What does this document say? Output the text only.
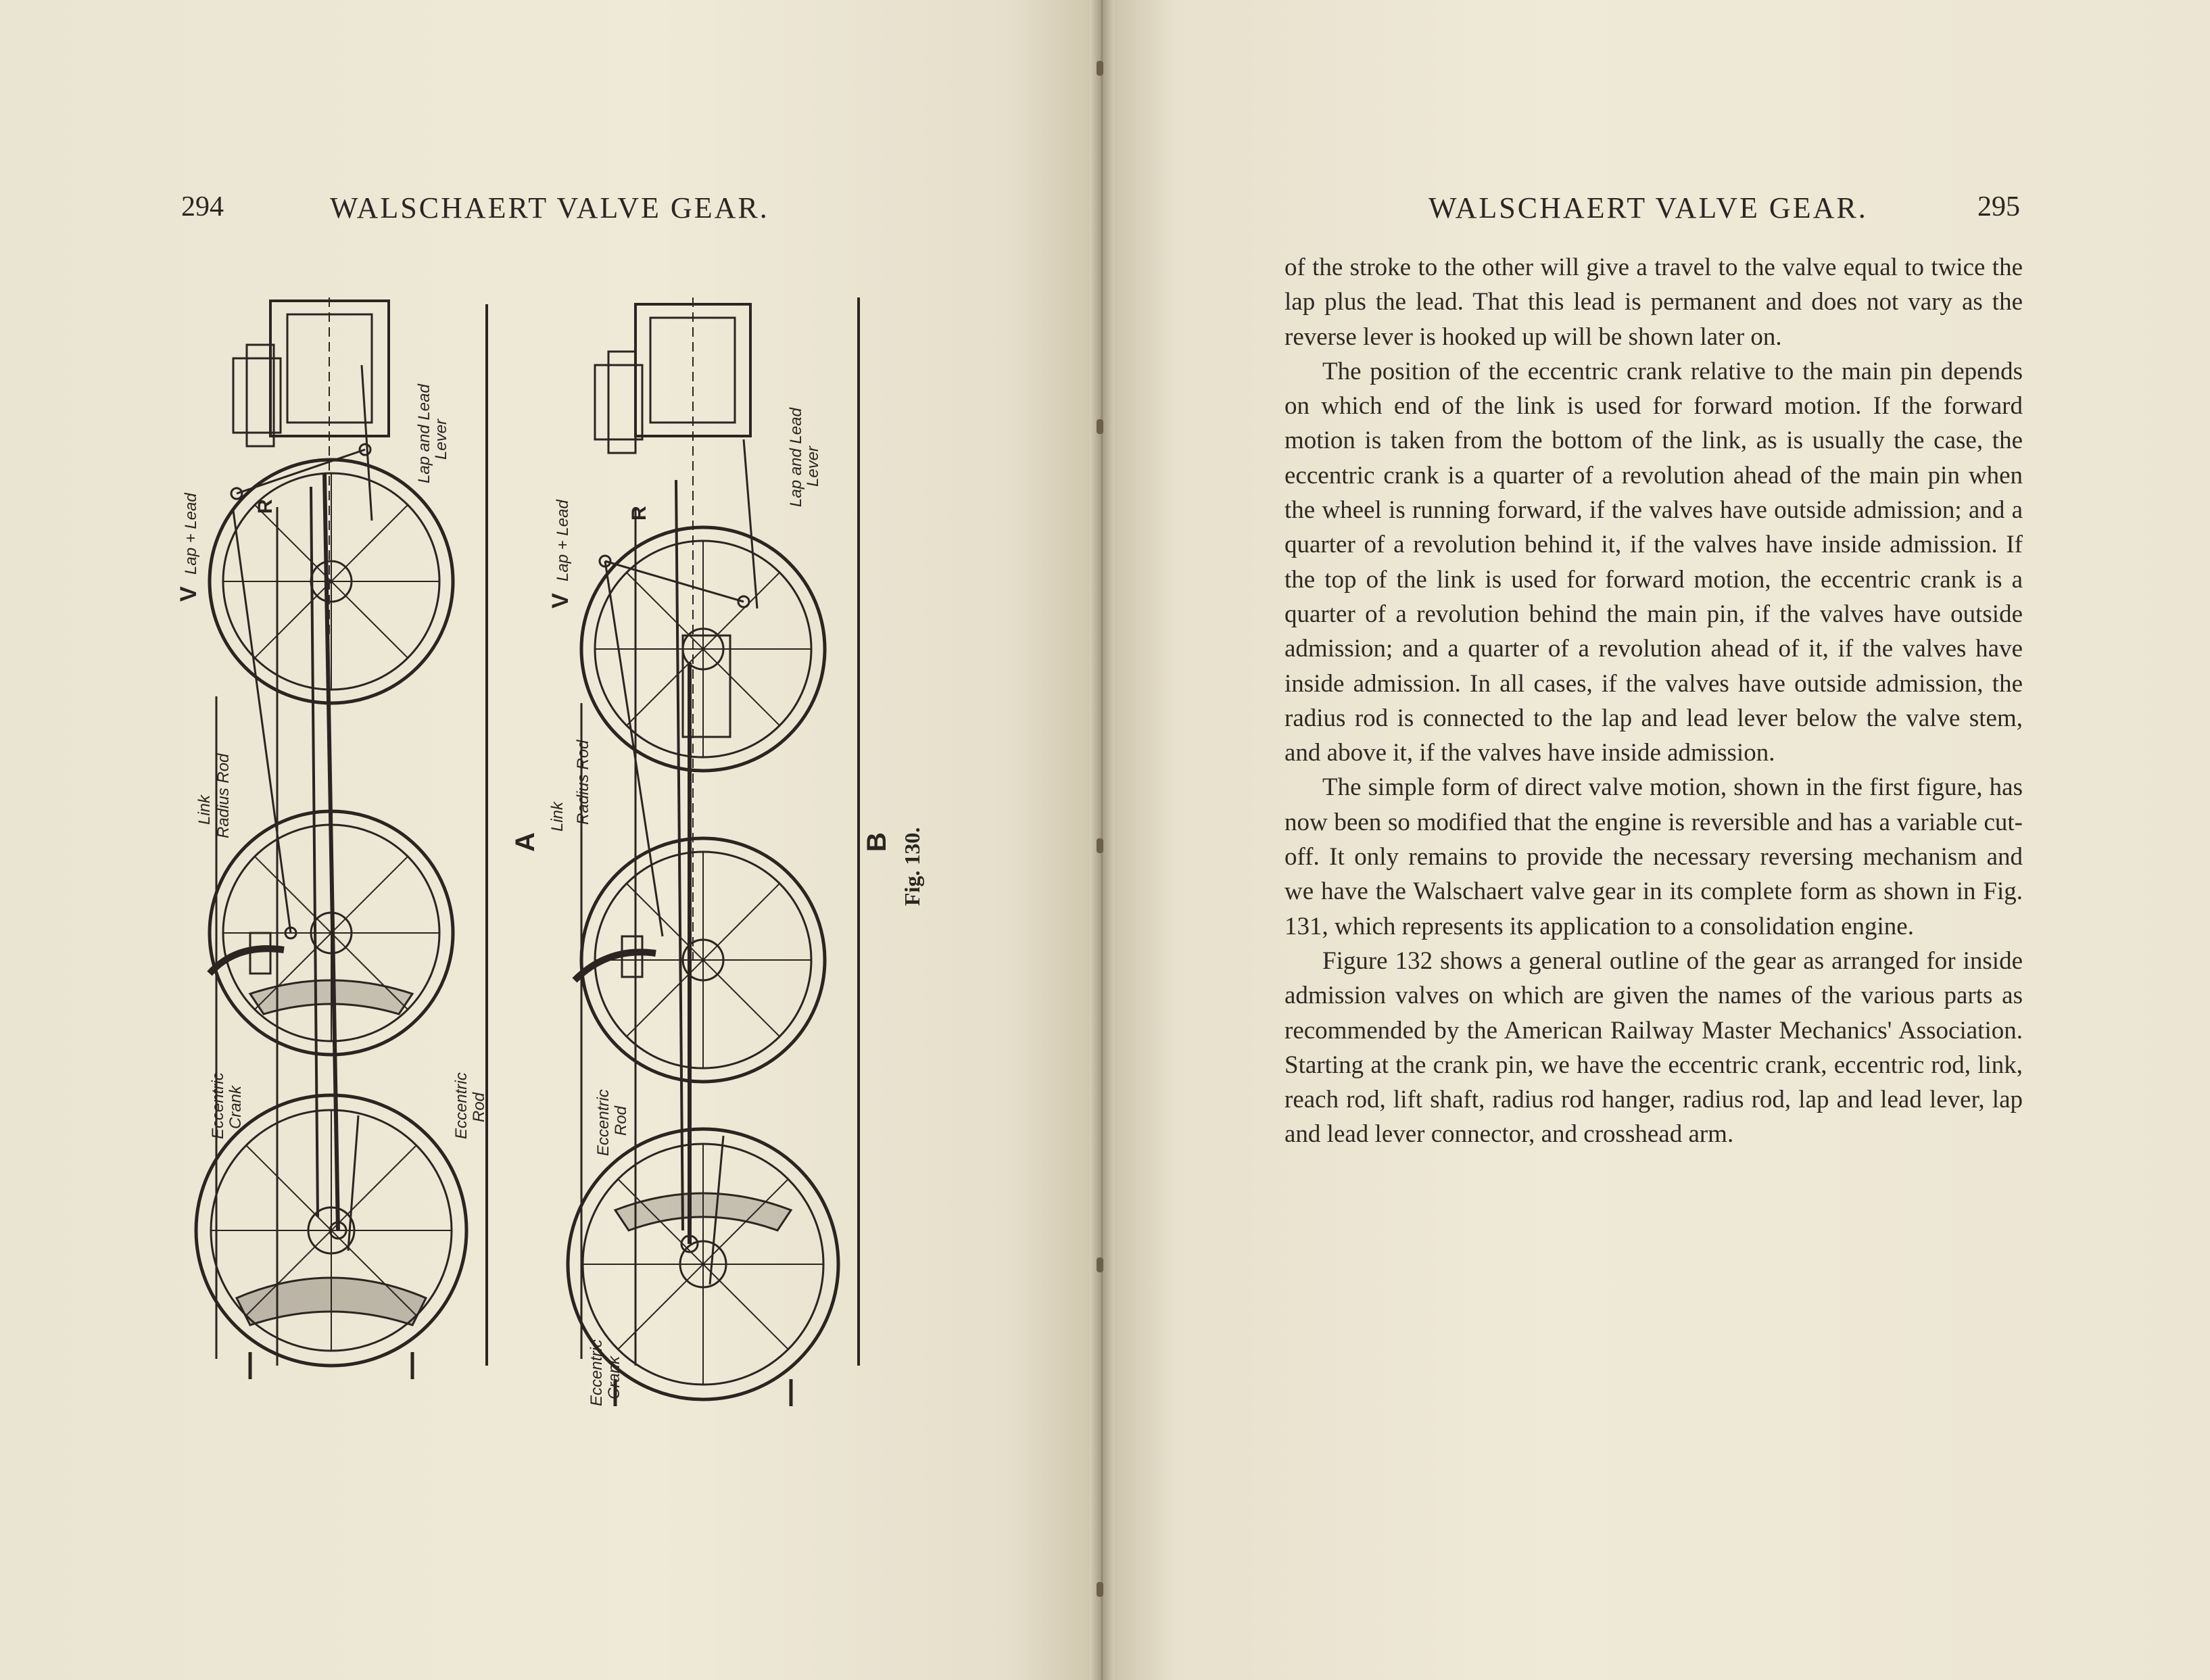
294	WALSCHAERT VALVE GEAR.	WALSCHAERT VALVE GEAR.	295
V
Lap + Lead	R
Lap and Lead
Lever
Link Radius Rod
Eccentric Crank	Eccentric Rod
A
V
Lap + Lead	R
Lap and Lead
Lever
Link Radius Rod
Eccentric Rod
Eccentric Crank
B Fig. 130.

of the stroke to the other will give a travel to the valve equal to twice the lap plus the lead. That this lead is permanent and does not vary as the reverse lever is hooked up will be shown later on.

The position of the eccentric crank relative to the main pin depends on which end of the link is used for forward motion. If the forward motion is taken from the bottom of the link, as is usually the case, the eccentric crank is a quarter of a revolution ahead of the main pin when the wheel is running forward, if the valves have outside admission; and a quarter of a revolution behind it, if the valves have inside admission. If the top of the link is used for forward motion, the eccentric crank is a quarter of a revolution behind the main pin, if the valves have outside admission; and a quarter of a revolution ahead of it, if the valves have inside admission. In all cases, if the valves have outside admission, the radius rod is connected to the lap and lead lever below the valve stem, and above it, if the valves have inside admission.

The simple form of direct valve motion, shown in the first figure, has now been so modified that the engine is reversible and has a variable cut-off. It only remains to provide the necessary reversing mechanism and we have the Walschaert valve gear in its complete form as shown in Fig. 131, which represents its application to a consolidation engine.

Figure 132 shows a general outline of the gear as arranged for inside admission valves on which are given the names of the various parts as recommended by the American Railway Master Mechanics' Association. Starting at the crank pin, we have the eccentric crank, eccentric rod, link, reach rod, lift shaft, radius rod hanger, radius rod, lap and lead lever, lap and lead lever connector, and crosshead arm.
